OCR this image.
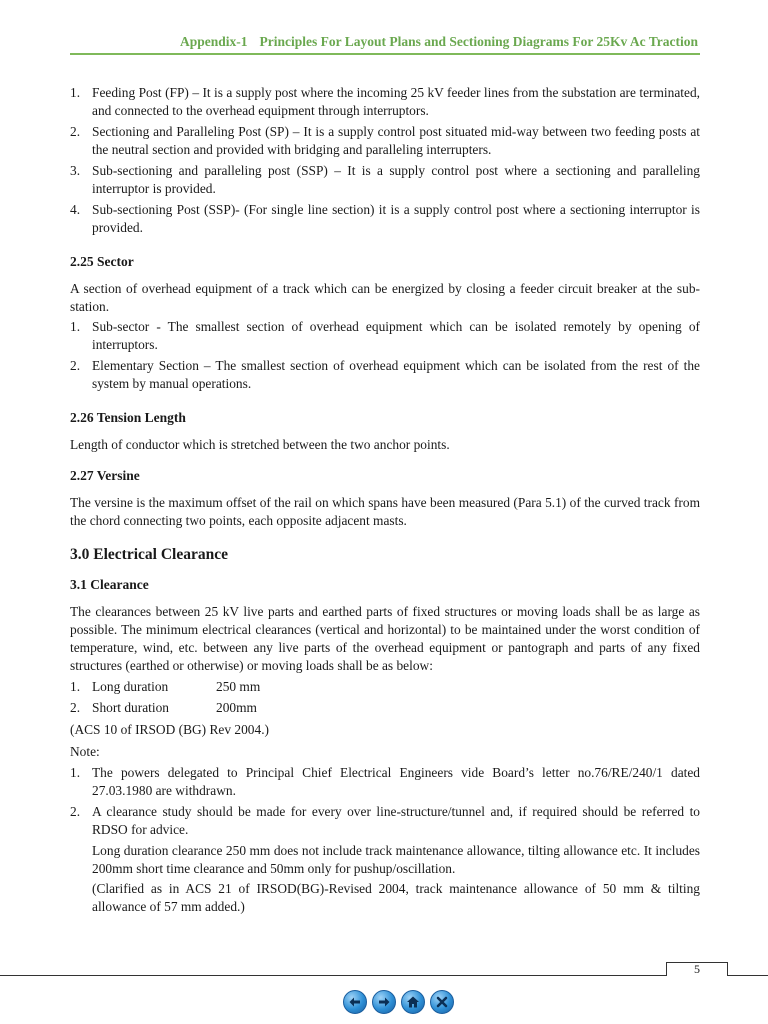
Appendix-1 Principles For Layout Plans and Sectioning Diagrams For 25Kv Ac Traction
1. Feeding Post (FP) – It is a supply post where the incoming 25 kV feeder lines from the substation are terminated, and connected to the overhead equipment through interruptors.
2. Sectioning and Paralleling Post (SP) – It is a supply control post situated mid-way between two feeding posts at the neutral section and provided with bridging and paralleling interrupters.
3. Sub-sectioning and paralleling post (SSP) – It is a supply control post where a sectioning and paralleling interruptor is provided.
4. Sub-sectioning Post (SSP)- (For single line section) it is a supply control post where a sectioning interruptor is provided.
2.25 Sector

A section of overhead equipment of a track which can be energized by closing a feeder circuit breaker at the sub-station.

1. Sub-sector - The smallest section of overhead equipment which can be isolated remotely by opening of interruptors.
2. Elementary Section – The smallest section of overhead equipment which can be isolated from the rest of the system by manual operations.
2.26 Tension Length

Length of conductor which is stretched between the two anchor points.

2.27 Versine

The versine is the maximum offset of the rail on which spans have been measured (Para 5.1) of the curved track from the chord connecting two points, each opposite adjacent masts.

3.0 Electrical Clearance
3.1 Clearance

The clearances between 25 kV live parts and earthed parts of fixed structures or moving loads shall be as large as possible. The minimum electrical clearances (vertical and horizontal) to be maintained under the worst condition of temperature, wind, etc. between any live parts of the overhead equipment or pantograph and parts of any fixed structures (earthed or otherwise) or moving loads shall be as below:

1. Long duration	250 mm
2. Short duration	200mm

(ACS 10 of IRSOD (BG) Rev 2004.)

Note:

1. The powers delegated to Principal Chief Electrical Engineers vide Board’s letter no.76/RE/240/1 dated 27.03.1980 are withdrawn.
2. A clearance study should be made for every over line-structure/tunnel and, if required should be referred to RDSO for advice.

Long duration clearance 250 mm does not include track maintenance allowance, tilting allowance etc. It includes 200mm short time clearance and 50mm only for pushup/oscillation.

(Clarified as in ACS 21 of IRSOD(BG)-Revised 2004, track maintenance allowance of 50 mm & tilting allowance of 57 mm added.)

5
